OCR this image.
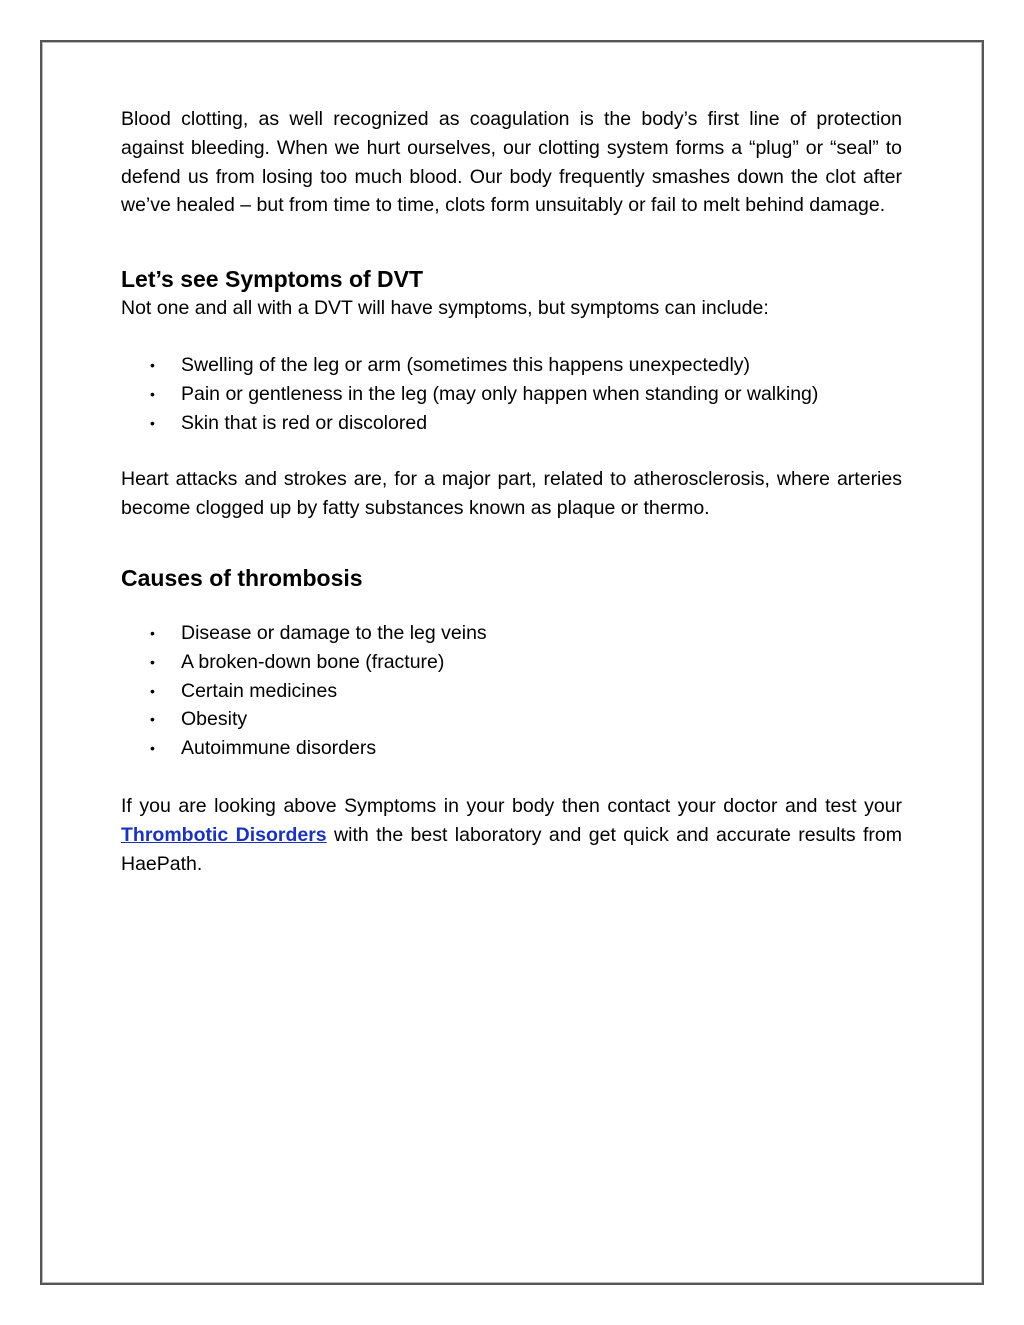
Blood clotting, as well recognized as coagulation is the body’s first line of protection against bleeding. When we hurt ourselves, our clotting system forms a “plug” or “seal” to defend us from losing too much blood. Our body frequently smashes down the clot after we’ve healed – but from time to time, clots form unsuitably or fail to melt behind damage.

Let’s see Symptoms of DVT

Not one and all with a DVT will have symptoms, but symptoms can include:

• Swelling of the leg or arm (sometimes this happens unexpectedly)
• Pain or gentleness in the leg (may only happen when standing or walking)
• Skin that is red or discolored

Heart attacks and strokes are, for a major part, related to atherosclerosis, where arteries become clogged up by fatty substances known as plaque or thermo.

Causes of thrombosis
• Disease or damage to the leg veins
• A broken-down bone (fracture)
• Certain medicines
• Obesity
• Autoimmune disorders

If you are looking above Symptoms in your body then contact your doctor and test your Thrombotic Disorders with the best laboratory and get quick and accurate results from HaePath.
